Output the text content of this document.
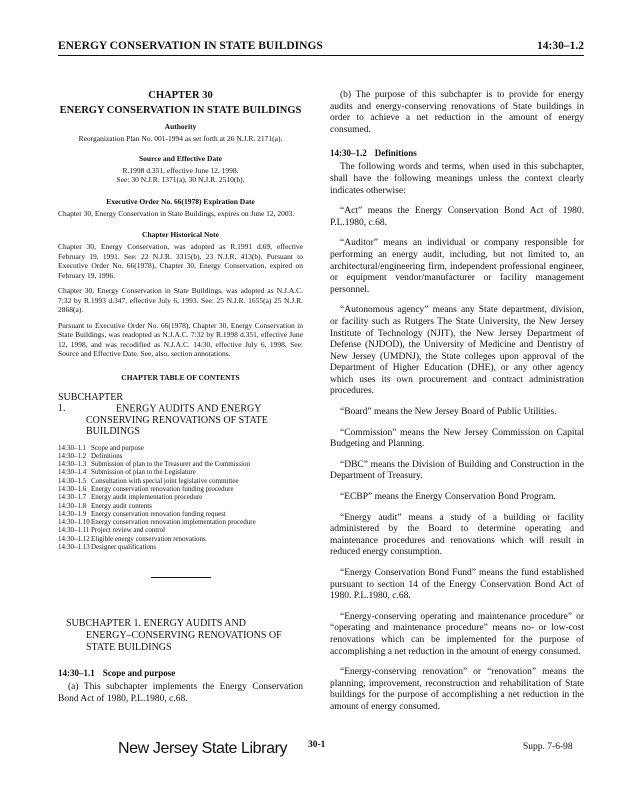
ENERGY CONSERVATION IN STATE BUILDINGS	14:30–1.2
CHAPTER 30
ENERGY CONSERVATION IN STATE BUILDINGS
Authority
Reorganization Plan No. 001-1994 as set forth at 26 N.J.R. 2171(a).
Source and Effective Date
R.1998 d.351, effective June 12, 1998.
See: 30 N.J.R. 1371(a), 30 N.J.R. 2510(b).
Executive Order No. 66(1978) Expiration Date
Chapter 30, Energy Conservation in State Buildings, expires on June 12, 2003.
Chapter Historical Note
Chapter 30, Energy Conservation, was adopted as R.1991 d.69, effective February 19, 1991. See: 22 N.J.R. 3315(b), 23 N.J.R. 413(b). Pursuant to Executive Order No. 66(1978), Chapter 30, Energy Conservation, expired on February 19, 1996.
Chapter 30, Energy Conservation in State Buildings, was adopted as N.J.A.C. 7:32 by R.1993 d.347, effective July 6, 1993. See: 25 N.J.R. 1655(a) 25 N.J.R. 2868(a).
Pursuant to Executive Order No. 66(1978), Chapter 30, Energy Conservation in State Buildings, was readopted as N.J.A.C. 7:32 by R.1998 d.351, effective June 12, 1998, and was recodified as N.J.A.C. 14:30, effective July 6, 1998. See: Source and Effective Date. See, also, section annotations.
CHAPTER TABLE OF CONTENTS
SUBCHAPTER 1.	ENERGY AUDITS AND ENERGY
CONSERVING RENOVATIONS OF STATE
BUILDINGS
14:30–1.1	Scope and purpose
14:30–1.2	Definitions
14:30–1.3	Submission of plan to the Treasurer and the Commission
14:30–1.4	Submission of plan to the Legislature
14:30–1.5	Consultation with special joint legislative committee
14:30–1.6	Energy conservation renovation funding procedure
14:30–1.7	Energy audit implementation procedure
14:30–1.8	Energy audit contents
14:30–1.9	Energy conservation renovation funding request
14:30–1.10	Energy conservation renovation implementation procedure
14:30–1.11	Project review and control
14:30–1.12	Eligible energy conservation renovations
14:30–1.13	Designer qualifications
SUBCHAPTER 1. ENERGY AUDITS AND
ENERGY–CONSERVING RENOVATIONS OF
STATE BUILDINGS
14:30–1.1 Scope and purpose

(a) This subchapter implements the Energy Conservation Bond Act of 1980, P.L.1980, c.68.

(b) The purpose of this subchapter is to provide for energy audits and energy-conserving renovations of State buildings in order to achieve a net reduction in the amount of energy consumed.

14:30–1.2 Definitions

The following words and terms, when used in this subchapter, shall have the following meanings unless the context clearly indicates otherwise:

“Act” means the Energy Conservation Bond Act of 1980. P.L.1980, c.68.

“Auditor” means an individual or company responsible for performing an energy audit, including, but not limited to, an architectural/engineering firm, independent professional engineer, or equipment vendor/manufacturer or facility management personnel.

“Autonomous agency” means any State department, division, or facility such as Rutgers The State University, the New Jersey Institute of Technology (NJIT), the New Jersey Department of Defense (NJDOD), the University of Medicine and Dentistry of New Jersey (UMDNJ), the State colleges upon approval of the Department of Higher Education (DHE), or any other agency which uses its own procurement and contract administration procedures.

“Board” means the New Jersey Board of Public Utilities.

“Commission” means the New Jersey Commission on Capital Budgeting and Planning.

“DBC” means the Division of Building and Construction in the Department of Treasury.

“ECBP” means the Energy Conservation Bond Program.

“Energy audit” means a study of a building or facility administered by the Board to determine operating and maintenance procedures and renovations which will result in reduced energy consumption.

“Energy Conservation Bond Fund” means the fund established pursuant to section 14 of the Energy Conservation Bond Act of 1980. P.L.1980, c.68.

“Energy-conserving operating and maintenance procedure” or “operating and maintenance procedure” means no- or low-cost renovations which can be implemented for the purpose of accomplishing a net reduction in the amount of energy consumed.

“Energy-conserving renovation” or “renovation” means the planning, improvement, reconstruction and rehabilitation of State buildings for the purpose of accomplishing a net reduction in the amount of energy consumed.

New Jersey State Library 30-1	Supp. 7-6-98
